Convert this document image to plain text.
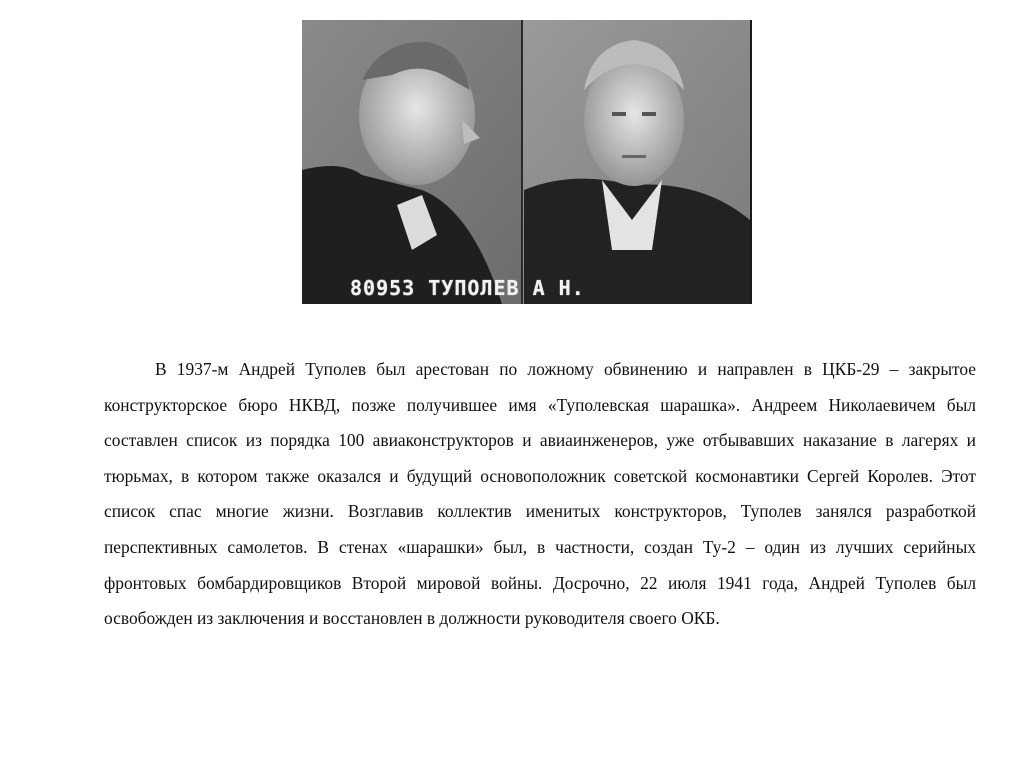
80953 ТУПОЛЕВ А Н.

В 1937-м Андрей Туполев был арестован по ложному обвинению и направлен в ЦКБ-29 – закрытое конструкторское бюро НКВД, позже получившее имя «Туполевская шарашка». Андреем Николаевичем был составлен список из порядка 100 авиаконструкторов и авиаинженеров, уже отбывавших наказание в лагерях и тюрьмах, в котором также оказался и будущий основоположник советской космонавтики Сергей Королев. Этот список спас многие жизни. Возглавив коллектив именитых конструкторов, Туполев занялся разработкой перспективных самолетов. В стенах «шарашки» был, в частности, создан Ту-2 – один из лучших серийных фронтовых бомбардировщиков Второй мировой войны. Досрочно, 22 июля 1941 года, Андрей Туполев был освобожден из заключения и восстановлен в должности руководителя своего ОКБ.
